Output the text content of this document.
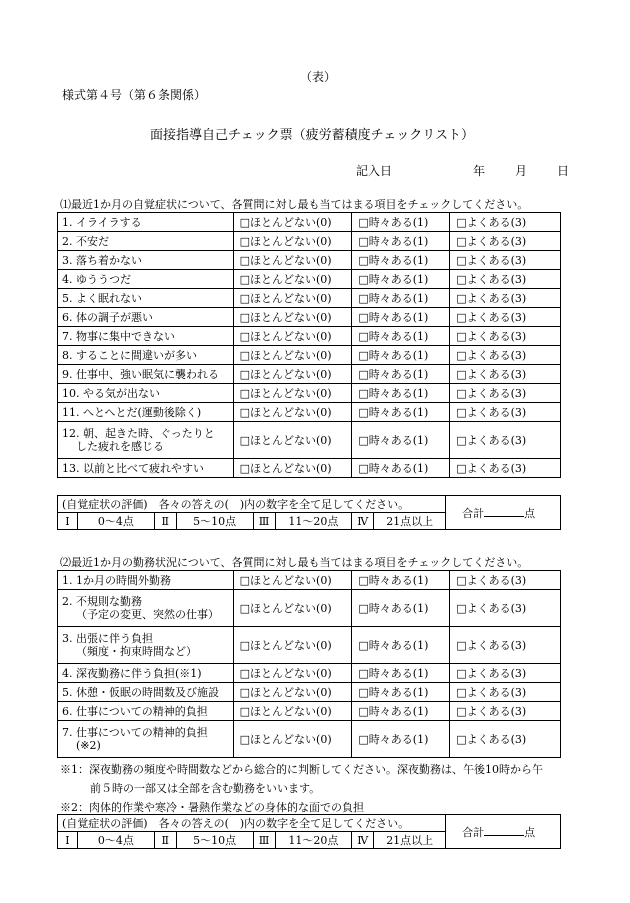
（表）
様式第４号（第６条関係）
面接指導自己チェック票（疲労蓄積度チェックリスト）
記入日	年 月 日
⑴最近1か月の自覚症状について、各質問に対し最も当てはまる項目をチェックしてください。
1. イライラする	□ほとんどない(0)	□時々ある(1)	□よくある(3)
2. 不安だ	□ほとんどない(0)	□時々ある(1)	□よくある(3)
3. 落ち着かない	□ほとんどない(0)	□時々ある(1)	□よくある(3)
4. ゆううつだ	□ほとんどない(0)	□時々ある(1)	□よくある(3)
5. よく眠れない	□ほとんどない(0)	□時々ある(1)	□よくある(3)
6. 体の調子が悪い	□ほとんどない(0)	□時々ある(1)	□よくある(3)
7. 物事に集中できない	□ほとんどない(0)	□時々ある(1)	□よくある(3)
8. することに間違いが多い	□ほとんどない(0)	□時々ある(1)	□よくある(3)
9. 仕事中、強い眠気に襲われる	□ほとんどない(0)	□時々ある(1)	□よくある(3)
10. やる気が出ない	□ほとんどない(0)	□時々ある(1)	□よくある(3)
11. へとへとだ(運動後除く)	□ほとんどない(0)	□時々ある(1)	□よくある(3)

12. 朝、起きた時、ぐったりと
した疲れを感じる	□ほとんどない(0)	□時々ある(1)	□よくある(3)
13. 以前と比べて疲れやすい	□ほとんどない(0)	□時々ある(1)	□よくある(3)
(自覚症状の評価)　各々の答えの(　)内の数字を全て足してください。								合計 点
Ⅰ	0～4点	Ⅱ	5～10点	Ⅲ	11～20点	Ⅳ	21点以上	
⑵最近1か月の勤務状況について、各質問に対し最も当てはまる項目をチェックしてください。
1. 1か月の時間外勤務	□ほとんどない(0)	□時々ある(1)	□よくある(3)

2. 不規則な勤務
（予定の変更、突然の仕事）	□ほとんどない(0)	□時々ある(1)	□よくある(3)

3. 出張に伴う負担
（頻度・拘束時間など）	□ほとんどない(0)	□時々ある(1)	□よくある(3)
4. 深夜勤務に伴う負担(※1)	□ほとんどない(0)	□時々ある(1)	□よくある(3)
5. 休憩・仮眠の時間数及び施設	□ほとんどない(0)	□時々ある(1)	□よくある(3)
6. 仕事についての精神的負担	□ほとんどない(0)	□時々ある(1)	□よくある(3)

7. 仕事についての精神的負担
(※2)	□ほとんどない(0)	□時々ある(1)	□よくある(3)
※1：深夜勤務の頻度や時間数などから総合的に判断してください。深夜勤務は、午後10時から午
前５時の一部又は全部を含む勤務をいいます。
※2：肉体的作業や寒冷・暑熱作業などの身体的な面での負担
(自覚症状の評価)　各々の答えの(　)内の数字を全て足してください。								合計 点
Ⅰ	0～4点	Ⅱ	5～10点	Ⅲ	11～20点	Ⅳ	21点以上	
